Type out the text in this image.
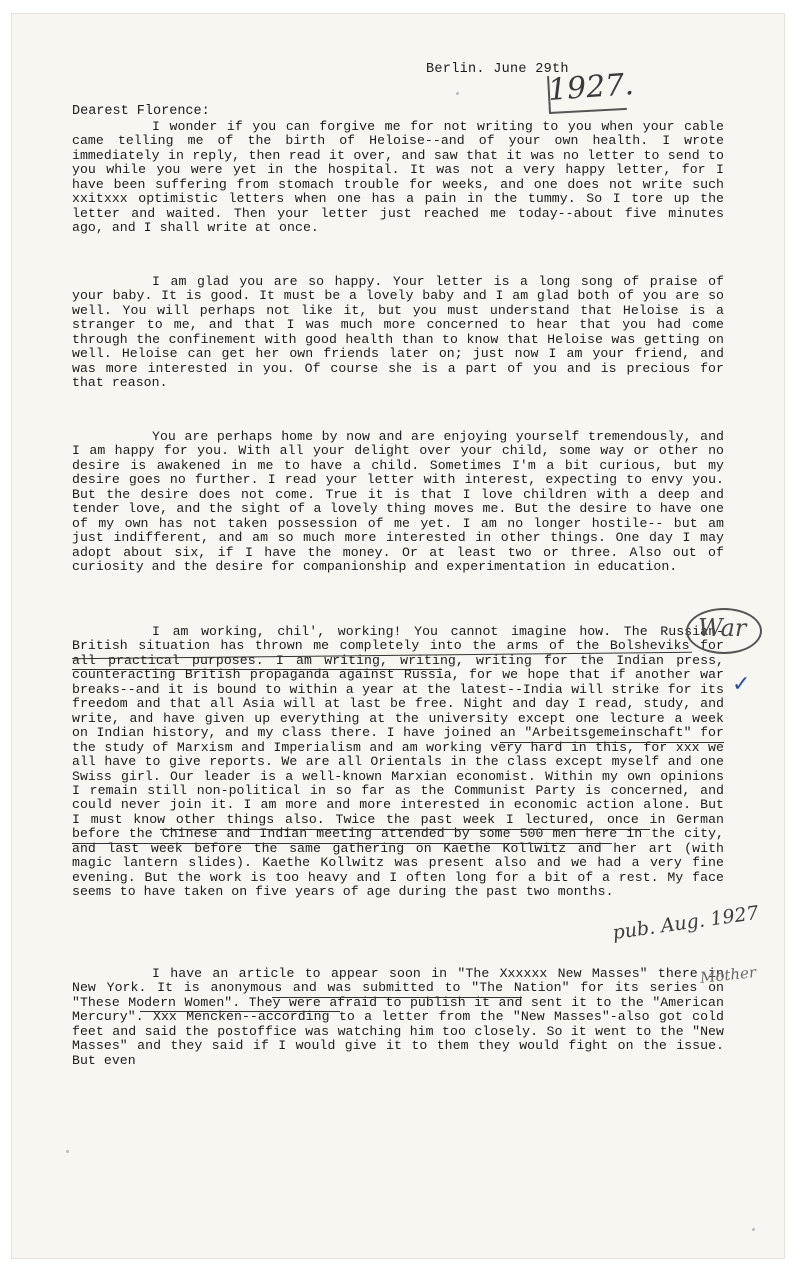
Berlin. June 29th
1927.
Dearest Florence:

I wonder if you can forgive me for not writing to you when your cable came telling me of the birth of Heloise--and of your own health. I wrote immediately in reply, then read it over, and saw that it was no letter to send to you while you were yet in the hospital. It was not a very happy letter, for I have been suffering from stomach trouble for weeks, and one does not write such xxitxxx optimistic letters when one has a pain in the tummy. So I tore up the letter and waited. Then your letter just reached me today--about five minutes ago, and I shall write at once.

I am glad you are so happy. Your letter is a long song of praise of your baby. It is good. It must be a lovely baby and I am glad both of you are so well. You will perhaps not like it, but you must understand that Heloise is a stranger to me, and that I was much more concerned to hear that you had come through the confinement with good health than to know that Heloise was getting on well. Heloise can get her own friends later on; just now I am your friend, and was more interested in you. Of course she is a part of you and is precious for that reason.

You are perhaps home by now and are enjoying yourself tremendously, and I am happy for you. With all your delight over your child, some way or other no desire is awakened in me to have a child. Sometimes I'm a bit curious, but my desire goes no further. I read your letter with interest, expecting to envy you. But the desire does not come. True it is that I love children with a deep and tender love, and the sight of a lovely thing moves me. But the desire to have one of my own has not taken possession of me yet. I am no longer hostile-- but am just indifferent, and am so much more interested in other things. One day I may adopt about six, if I have the money. Or at least two or three. Also out of curiosity and the desire for companionship and experimentation in education.

I am working, chil', working! You cannot imagine how. The Russian-British situation has thrown me completely into the arms of the Bolsheviks for all practical purposes. I am writing, writing, writing for the Indian press, counteracting British propaganda against Russia, for we hope that if another war breaks--and it is bound to within a year at the latest--India will strike for its freedom and that all Asia will at last be free. Night and day I read, study, and write, and have given up everything at the university except one lecture a week on Indian history, and my class there. I have joined an "Arbeitsgemeinschaft" for the study of Marxism and Imperialism and am working very hard in this, for xxx we all have to give reports. We are all Orientals in the class except myself and one Swiss girl. Our leader is a well-known Marxian economist. Within my own opinions I remain still non-political in so far as the Communist Party is concerned, and could never join it. I am more and more interested in economic action alone. But I must know other things also. Twice the past week I lectured, once in German before the Chinese and Indian meeting attended by some 500 men here in the city, and last week before the same gathering on Kaethe Kollwitz and her art (with magic lantern slides). Kaethe Kollwitz was present also and we had a very fine evening. But the work is too heavy and I often long for a bit of a rest. My face seems to have taken on five years of age during the past two months.

I have an article to appear soon in "The Xxxxxx New Masses" there in New York. It is anonymous and was submitted to "The Nation" for its series on "These Modern Women". They were afraid to publish it and sent it to the "American Mercury". Xxx Mencken--according to a letter from the "New Masses"-also got cold feet and said the postoffice was watching him too closely. So it went to the "New Masses" and they said if I would give it to them they would fight on the issue. But even

War
✓
pub. Aug. 1927
Mother
